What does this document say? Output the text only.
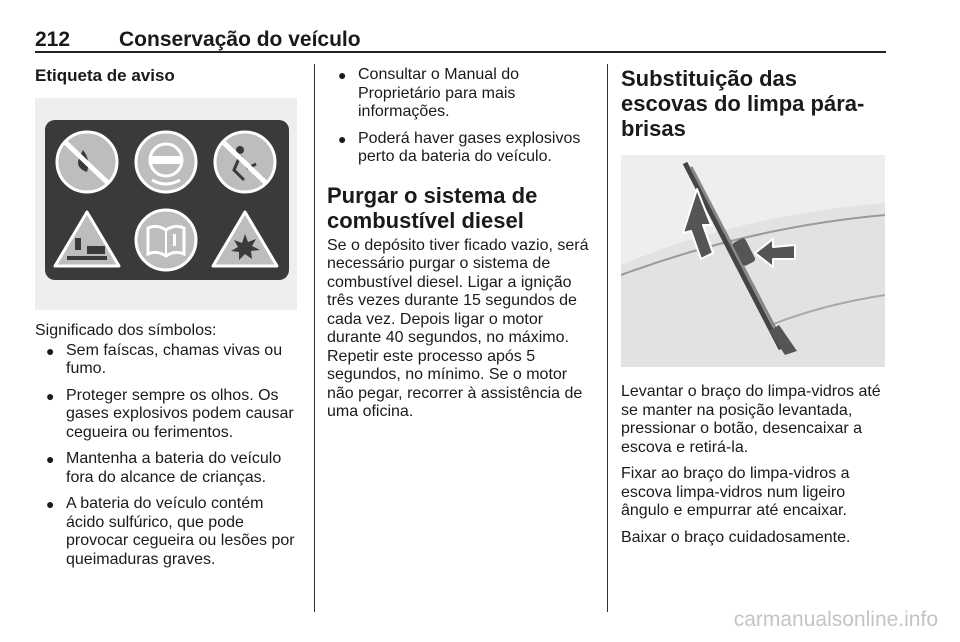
212 Conservação do veículo
Etiqueta de aviso

Significado dos símbolos:

● Sem faíscas, chamas vivas ou fumo.
● Proteger sempre os olhos. Os gases explosivos podem causar cegueira ou ferimentos.
● Mantenha a bateria do veículo fora do alcance de crianças.
● A bateria do veículo contém ácido sulfúrico, que pode provocar cegueira ou lesões por queimaduras graves.
● Consultar o Manual do Proprietário para mais informações.
● Poderá haver gases explosivos perto da bateria do veículo.
Purgar o sistema de combustível diesel

Se o depósito tiver ficado vazio, será necessário purgar o sistema de combustível diesel. Ligar a ignição três vezes durante 15 segundos de cada vez. Depois ligar o motor durante 40 segundos, no máximo. Repetir este processo após 5 segundos, no mínimo. Se o motor não pegar, recorrer à assistência de uma oficina.

Substituição das escovas do limpa pára-brisas

Levantar o braço do limpa-vidros até se manter na posição levantada, pressionar o botão, desencaixar a escova e retirá-la.

Fixar ao braço do limpa-vidros a escova limpa-vidros num ligeiro ângulo e empurrar até encaixar.

Baixar o braço cuidadosamente.

carmanualsonline.info
